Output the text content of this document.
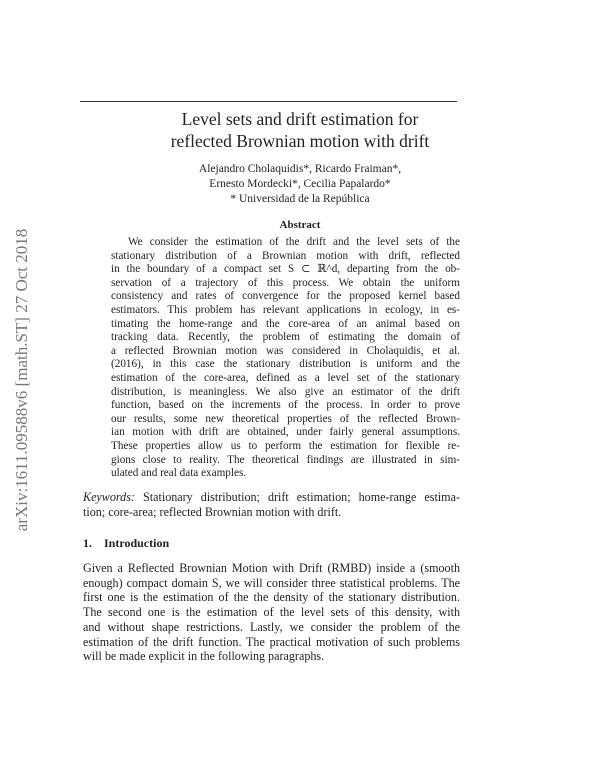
arXiv:1611.09588v6 [math.ST] 27 Oct 2018
Level sets and drift estimation for
reflected Brownian motion with drift
Alejandro Cholaquidis*, Ricardo Fraiman*,
Ernesto Mordecki*, Cecilia Papalardo*
* Universidad de la República
Abstract
We consider the estimation of the drift and the level sets of the
stationary distribution of a Brownian motion with drift, reflected
in the boundary of a compact set S ⊂ ℝ^d, departing from the ob-
servation of a trajectory of this process. We obtain the uniform
consistency and rates of convergence for the proposed kernel based
estimators. This problem has relevant applications in ecology, in es-
timating the home-range and the core-area of an animal based on
tracking data. Recently, the problem of estimating the domain of
a reflected Brownian motion was considered in Cholaquidis, et al.
(2016), in this case the stationary distribution is uniform and the
estimation of the core-area, defined as a level set of the stationary
distribution, is meaningless. We also give an estimator of the drift
function, based on the increments of the process. In order to prove
our results, some new theoretical properties of the reflected Brown-
ian motion with drift are obtained, under fairly general assumptions.
These properties allow us to perform the estimation for flexible re-
gions close to reality. The theoretical findings are illustrated in sim-
ulated and real data examples.
Keywords: Stationary distribution; drift estimation; home-range estima-
tion; core-area; reflected Brownian motion with drift.
1. Introduction
Given a Reflected Brownian Motion with Drift (RMBD) inside a (smooth
enough) compact domain S, we will consider three statistical problems. The
first one is the estimation of the the density of the stationary distribution.
The second one is the estimation of the level sets of this density, with
and without shape restrictions. Lastly, we consider the problem of the
estimation of the drift function. The practical motivation of such problems
will be made explicit in the following paragraphs.
